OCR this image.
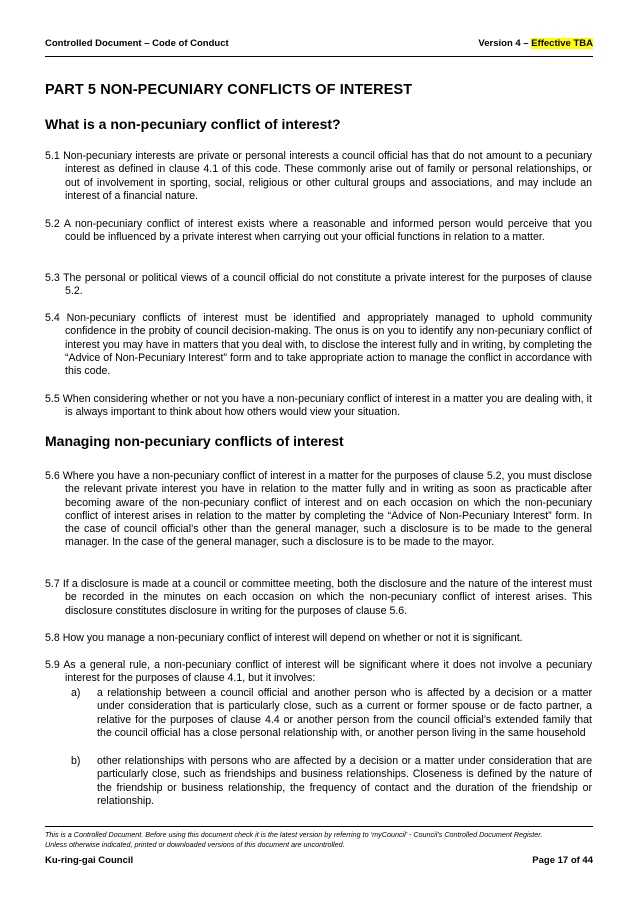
Controlled Document – Code of Conduct	Version 4 – Effective TBA
PART 5 NON-PECUNIARY CONFLICTS OF INTEREST
What is a non-pecuniary conflict of interest?
5.1 Non-pecuniary interests are private or personal interests a council official has that do not amount to a pecuniary interest as defined in clause 4.1 of this code. These commonly arise out of family or personal relationships, or out of involvement in sporting, social, religious or other cultural groups and associations, and may include an interest of a financial nature.
5.2 A non-pecuniary conflict of interest exists where a reasonable and informed person would perceive that you could be influenced by a private interest when carrying out your official functions in relation to a matter.
5.3 The personal or political views of a council official do not constitute a private interest for the purposes of clause 5.2.
5.4 Non-pecuniary conflicts of interest must be identified and appropriately managed to uphold community confidence in the probity of council decision-making. The onus is on you to identify any non-pecuniary conflict of interest you may have in matters that you deal with, to disclose the interest fully and in writing, by completing the “Advice of Non-Pecuniary Interest” form and to take appropriate action to manage the conflict in accordance with this code.
5.5 When considering whether or not you have a non-pecuniary conflict of interest in a matter you are dealing with, it is always important to think about how others would view your situation.
Managing non-pecuniary conflicts of interest
5.6 Where you have a non-pecuniary conflict of interest in a matter for the purposes of clause 5.2, you must disclose the relevant private interest you have in relation to the matter fully and in writing as soon as practicable after becoming aware of the non-pecuniary conflict of interest and on each occasion on which the non-pecuniary conflict of interest arises in relation to the matter by completing the “Advice of Non-Pecuniary Interest” form. In the case of council official’s other than the general manager, such a disclosure is to be made to the general manager. In the case of the general manager, such a disclosure is to be made to the mayor.
5.7 If a disclosure is made at a council or committee meeting, both the disclosure and the nature of the interest must be recorded in the minutes on each occasion on which the non-pecuniary conflict of interest arises. This disclosure constitutes disclosure in writing for the purposes of clause 5.6.
5.8 How you manage a non-pecuniary conflict of interest will depend on whether or not it is significant.
5.9 As a general rule, a non-pecuniary conflict of interest will be significant where it does not involve a pecuniary interest for the purposes of clause 4.1, but it involves:
a) a relationship between a council official and another person who is affected by a decision or a matter under consideration that is particularly close, such as a current or former spouse or de facto partner, a relative for the purposes of clause 4.4 or another person from the council official’s extended family that the council official has a close personal relationship with, or another person living in the same household
b) other relationships with persons who are affected by a decision or a matter under consideration that are particularly close, such as friendships and business relationships. Closeness is defined by the nature of the friendship or business relationship, the frequency of contact and the duration of the friendship or relationship.
This is a Controlled Document. Before using this document check it is the latest version by referring to ‘myCouncil’ - Council’s Controlled Document Register.
Unless otherwise indicated, printed or downloaded versions of this document are uncontrolled.
Ku-ring-gai Council	Page 17 of 44
